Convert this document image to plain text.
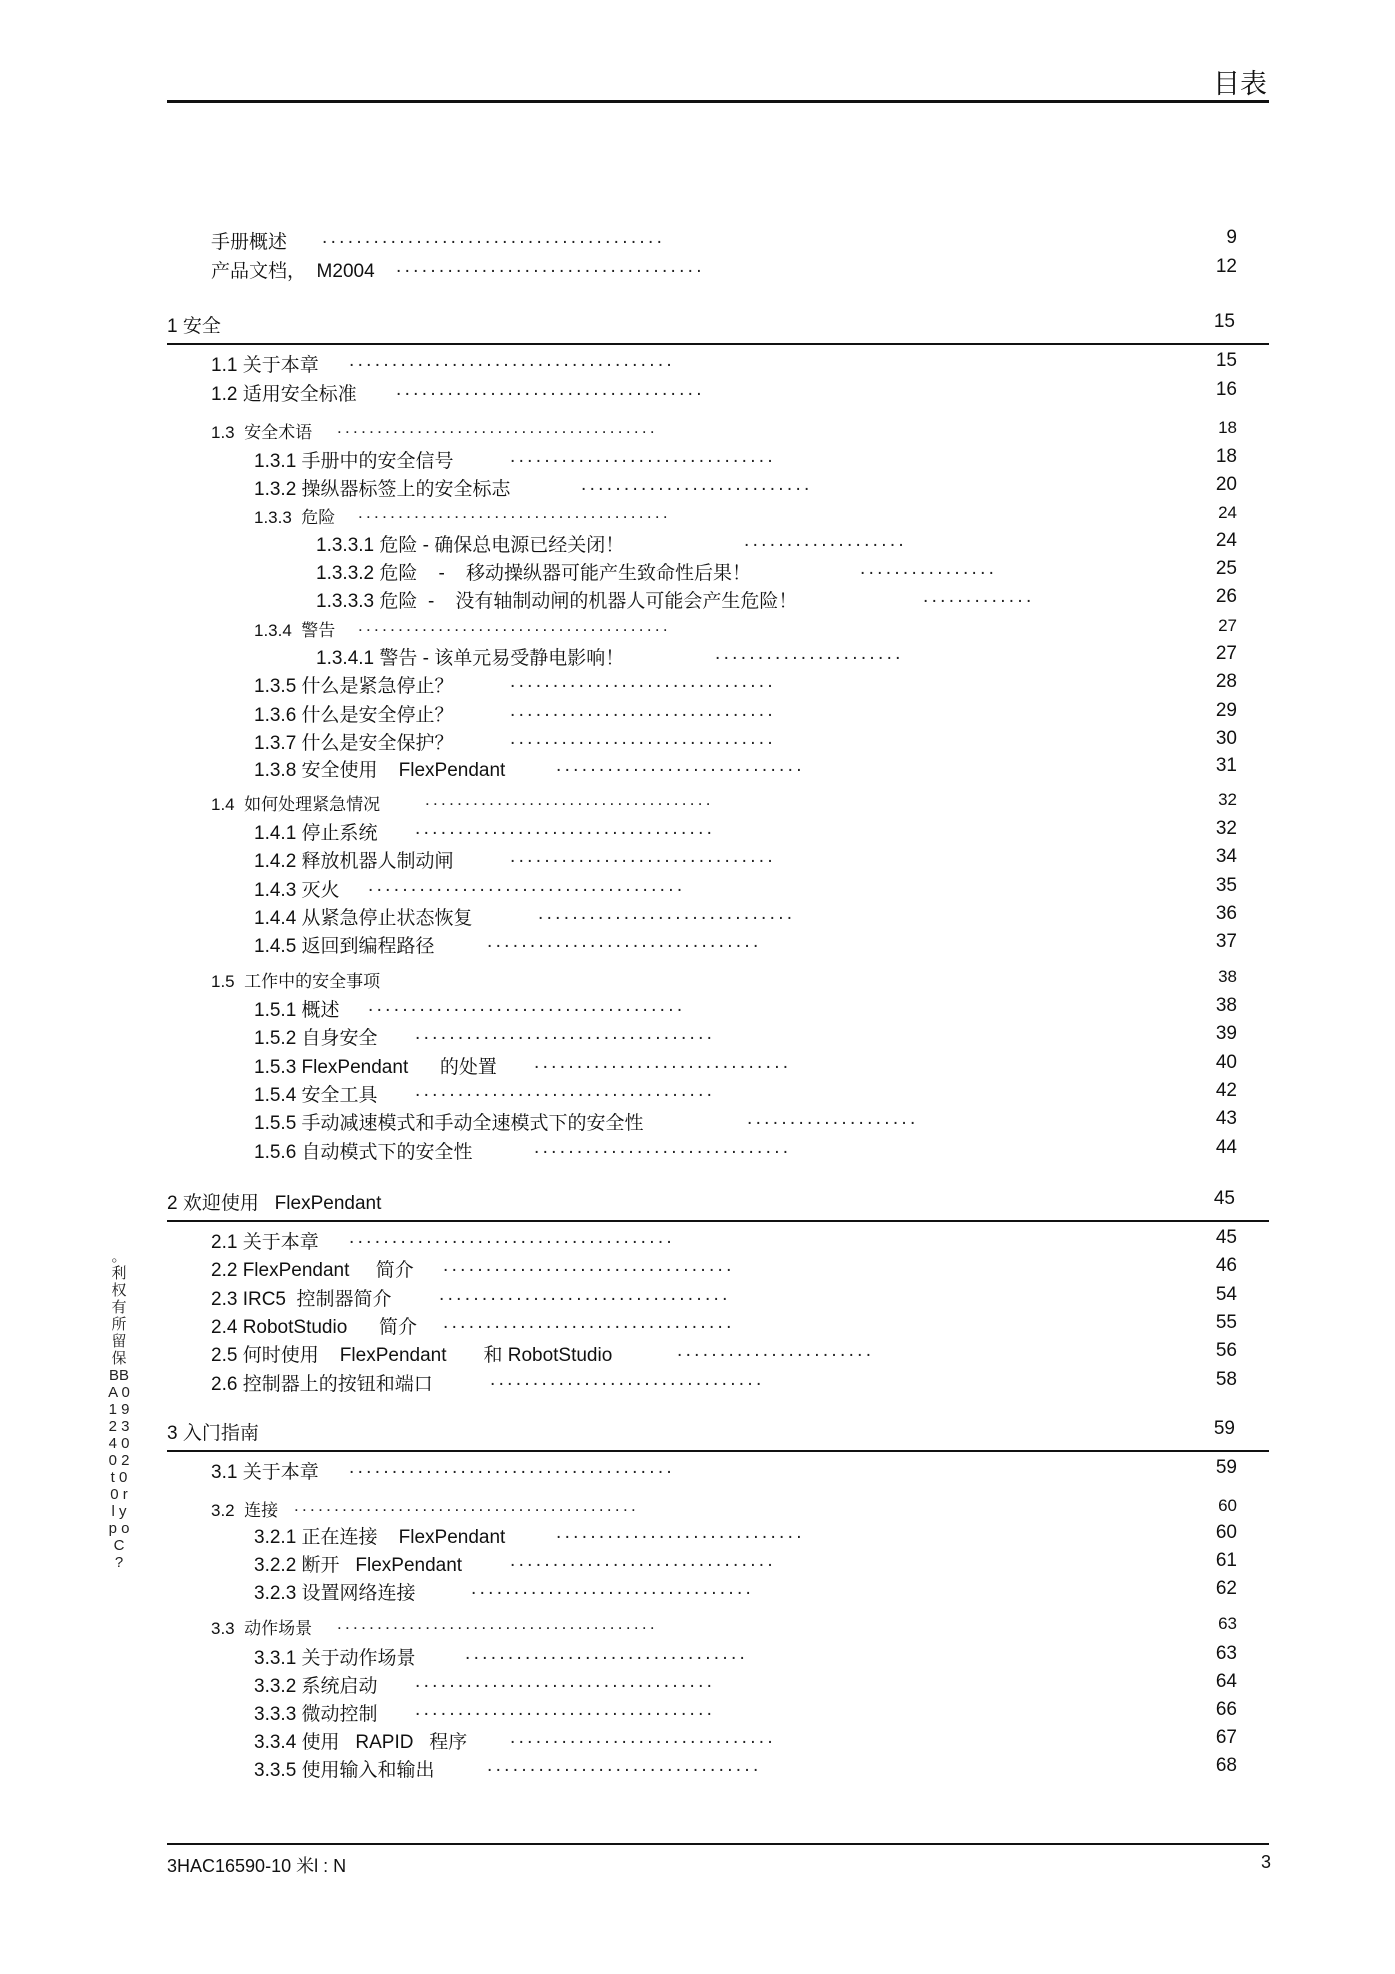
目表
。利权有所留保 BBA 0 1 9 2 3 4 0 0 2 t 0 0 r l y p o C ?
手册概述 ........................................	9
产品文档，  M2004 ....................................	12
1 安全	15
1.1 关于本章 ......................................	15
1.2 适用安全标准 ....................................	16
1.3  安全术语 ........................................	18
1.3.1 手册中的安全信号	...............................	18
1.3.2 操纵器标签上的安全标志	...........................	20
1.3.3  危险 .......................................	24
1.3.3.1 危险 - 确保总电源已经关闭！	...................	24
1.3.3.2 危险    -    移动操纵器可能产生致命性后果！	................	25
1.3.3.3 危险  -    没有轴制动闸的机器人可能会产生危险！	.............	26
1.3.4  警告 .......................................	27
1.3.4.1 警告 - 该单元易受静电影响！	......................	27
1.3.5 什么是紧急停止？	...............................	28
1.3.6 什么是安全停止？	...............................	29
1.3.7 什么是安全保护？	...............................	30
1.3.8 安全使用    FlexPendant	.............................	31
1.4  如何处理紧急情况	....................................	32
1.4.1 停止系统 ...................................	32
1.4.2 释放机器人制动闸	...............................	34
1.4.3 灭火 .....................................	35
1.4.4 从紧急停止状态恢复	..............................	36
1.4.5 返回到编程路径	................................	37
1.5  工作中的安全事项	38
1.5.1 概述 .....................................	38
1.5.2 自身安全 ...................................	39
1.5.3 FlexPendant      的处置 ..............................	40
1.5.4 安全工具 ...................................	42
1.5.5 手动减速模式和手动全速模式下的安全性	....................	43
1.5.6 自动模式下的安全性	..............................	44
2 欢迎使用   FlexPendant	45
2.1 关于本章 ......................................	45
2.2 FlexPendant     简介 ..................................	46
2.3 IRC5  控制器简介 ..................................	54
2.4 RobotStudio      简介 ..................................	55
2.5 何时使用    FlexPendant       和 RobotStudio	.......................	56
2.6 控制器上的按钮和端口	................................	58
3 入门指南	59
3.1 关于本章 ......................................	59
3.2  连接 ...........................................	60
3.2.1 正在连接    FlexPendant	.............................	60
3.2.2 断开   FlexPendant	...............................	61
3.2.3 设置网络连接	.................................	62
3.3  动作场景 ........................................	63
3.3.1 关于动作场景	.................................	63
3.3.2 系统启动 ...................................	64
3.3.3 微动控制 ...................................	66
3.3.4 使用   RAPID   程序 ...............................	67
3.3.5 使用输入和输出	................................	68
3HAC16590-10 米l : N	3
